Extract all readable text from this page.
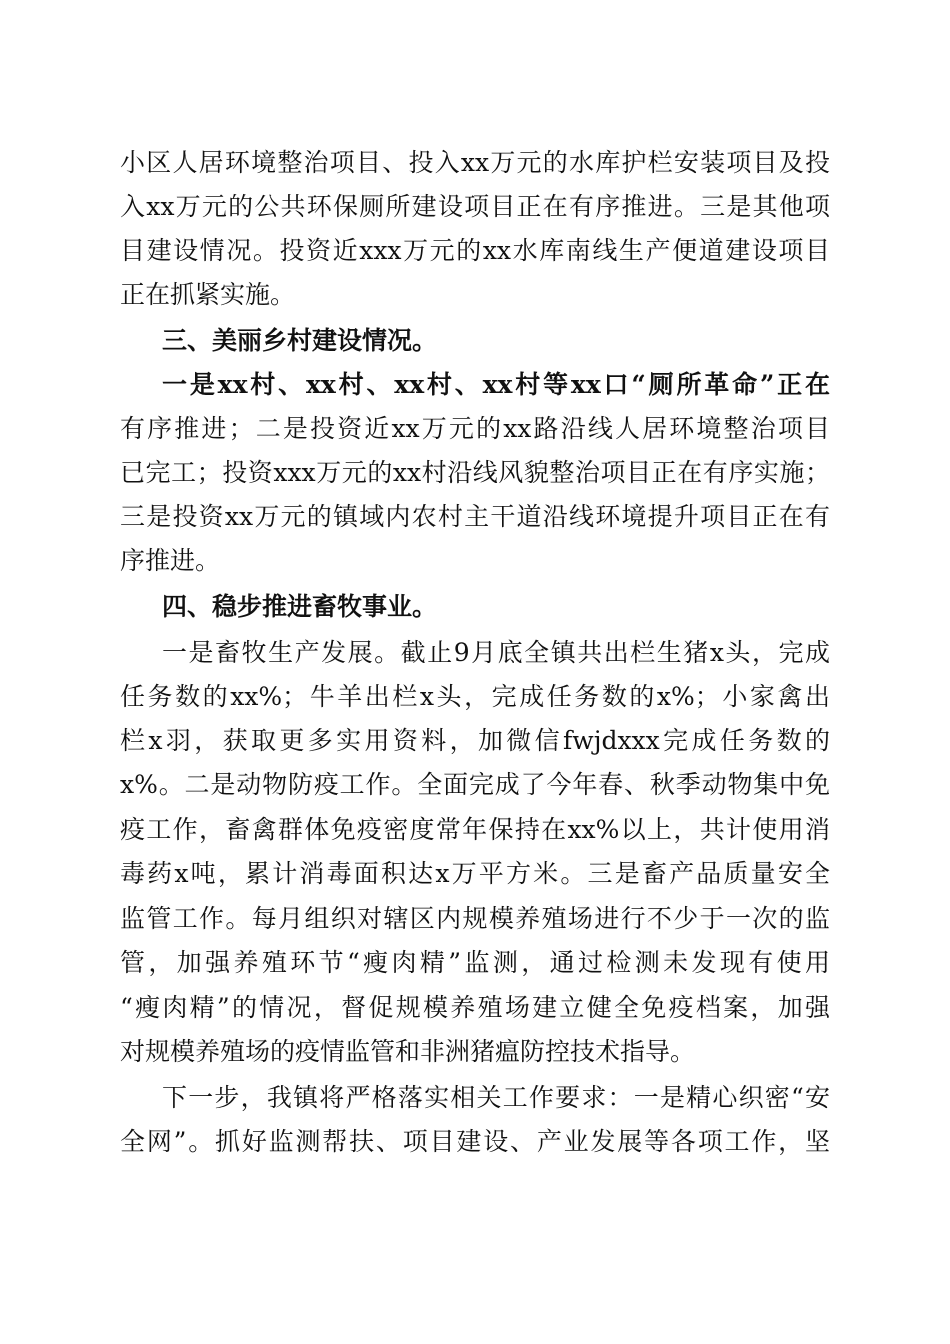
小区人居环境整治项目、投入xx万元的水库护栏安装项目及投
入xx万元的公共环保厕所建设项目正在有序推进。三是其他项
目建设情况。投资近xxx万元的xx水库南线生产便道建设项目
正在抓紧实施。
三、美丽乡村建设情况。
一是xx村、xx村、xx村、xx村等xx口“厕所革命”正在
有序推进；二是投资近xx万元的xx路沿线人居环境整治项目
已完工；投资xxx万元的xx村沿线风貌整治项目正在有序实施；
三是投资xx万元的镇域内农村主干道沿线环境提升项目正在有
序推进。
四、稳步推进畜牧事业。
一是畜牧生产发展。截止9月底全镇共出栏生猪x头，完成
任务数的xx%；牛羊出栏x头，完成任务数的x%；小家禽出
栏x羽，获取更多实用资料，加微信fwjdxxx完成任务数的
x%。二是动物防疫工作。全面完成了今年春、秋季动物集中免
疫工作，畜禽群体免疫密度常年保持在xx%以上，共计使用消
毒药x吨，累计消毒面积达x万平方米。三是畜产品质量安全
监管工作。每月组织对辖区内规模养殖场进行不少于一次的监
管，加强养殖环节“瘦肉精”监测，通过检测未发现有使用
“瘦肉精”的情况，督促规模养殖场建立健全免疫档案，加强
对规模养殖场的疫情监管和非洲猪瘟防控技术指导。
下一步，我镇将严格落实相关工作要求：一是精心织密“安
全网”。抓好监测帮扶、项目建设、产业发展等各项工作，坚
